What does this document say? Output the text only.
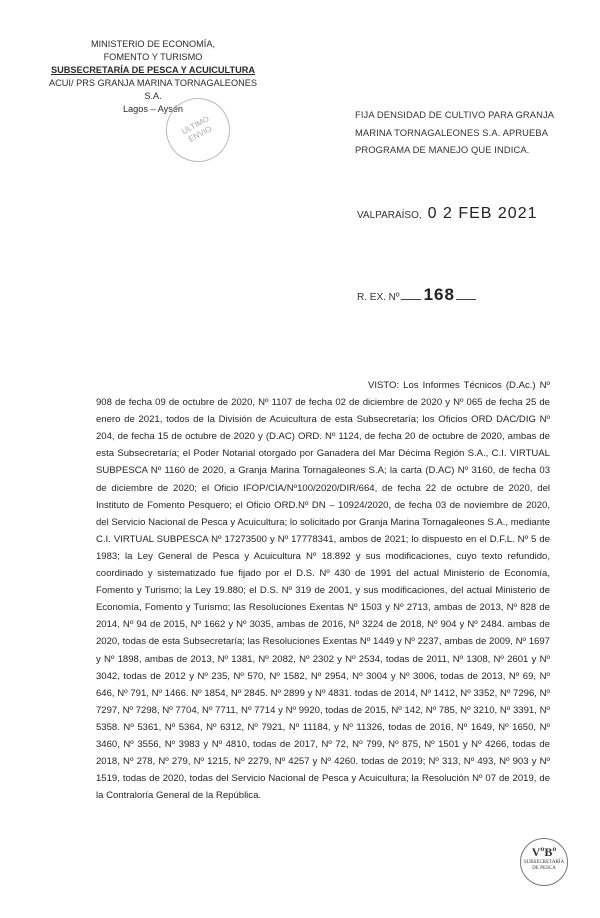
MINISTERIO DE ECONOMÍA,
FOMENTO Y TURISMO
SUBSECRETARÍA DE PESCA Y ACUICULTURA
ACUI/ PRS GRANJA MARINA TORNAGALEONES S.A.
Lagos – Aysén
ULTIMO ENVIO
FIJA DENSIDAD DE CULTIVO PARA GRANJA MARINA TORNAGALEONES S.A. APRUEBA PROGRAMA DE MANEJO QUE INDICA.
VALPARAÍSO, 0 2 FEB 2021
R. EX. Nº 168
VISTO: Los Informes Técnicos (D.Ac.) Nº 908 de fecha 09 de octubre de 2020, Nº 1107 de fecha 02 de diciembre de 2020 y Nº 065 de fecha 25 de enero de 2021, todos de la División de Acuicultura de esta Subsecretaría; los Oficios ORD DAC/DIG Nº 204, de fecha 15 de octubre de 2020 y (D.AC) ORD. Nº 1124, de fecha 20 de octubre de 2020, ambas de esta Subsecretaría; el Poder Notarial otorgado por Ganadera del Mar Décima Región S.A., C.I. VIRTUAL SUBPESCA Nº 1160 de 2020, a Granja Marina Tornagaleones S.A; la carta (D.AC) Nº 3160, de fecha 03 de diciembre de 2020; el Oficio IFOP/CIA/Nº100/2020/DIR/664, de fecha 22 de octubre de 2020, del Instituto de Fomento Pesquero; el Oficio ORD.Nº DN – 10924/2020, de fecha 03 de noviembre de 2020, del Servicio Nacional de Pesca y Acuicultura; lo solicitado por Granja Marina Tornagaleones S.A., mediante C.I. VIRTUAL SUBPESCA Nº 17273500 y Nº 17778341, ambos de 2021; lo dispuesto en el D.F.L. Nº 5 de 1983; la Ley General de Pesca y Acuicultura Nº 18.892 y sus modificaciones, cuyo texto refundido, coordinado y sistematizado fue fijado por el D.S. Nº 430 de 1991 del actual Ministerio de Economía, Fomento y Turismo; la Ley 19.880; el D.S. Nº 319 de 2001, y sus modificaciones, del actual Ministerio de Economía, Fomento y Turismo; las Resoluciones Exentas Nº 1503 y Nº 2713, ambas de 2013, Nº 828 de 2014, Nº 94 de 2015, Nº 1662 y Nº 3035, ambas de 2016, Nº 3224 de 2018, Nº 904 y Nº 2484. ambas de 2020, todas de esta Subsecretaría; las Resoluciones Exentas Nº 1449 y Nº 2237, ambas de 2009, Nº 1697 y Nº 1898, ambas de 2013, Nº 1381, Nº 2082, Nº 2302 y Nº 2534, todas de 2011, Nº 1308, Nº 2601 y Nº 3042, todas de 2012 y Nº 235, Nº 570, Nº 1582, Nº 2954, Nº 3004 y Nº 3006, todas de 2013, Nº 69, Nº 646, Nº 791, Nº 1466. Nº 1854, Nº 2845. Nº 2899 y Nº 4831. todas de 2014, Nº 1412, Nº 3352, Nº 7296, Nº 7297, Nº 7298, Nº 7704, Nº 7711, Nº 7714 y Nº 9920, todas de 2015, Nº 142, Nº 785, Nº 3210, Nº 3391, Nº 5358. Nº 5361, Nº 5364, Nº 6312, Nº 7921, Nº 11184, y Nº 11326, todas de 2016, Nº 1649, Nº 1650, Nº 3460, Nº 3556, Nº 3983 y Nº 4810, todas de 2017, Nº 72, Nº 799, Nº 875, Nº 1501 y Nº 4266, todas de 2018, Nº 278, Nº 279, Nº 1215, Nº 2279, Nº 4257 y Nº 4260. todas de 2019; Nº 313, Nº 493, Nº 903 y Nº 1519, todas de 2020, todas del Servicio Nacional de Pesca y Acuicultura; la Resolución Nº 07 de 2019, de la Contraloría General de la República.
VºBº
SUBSECRETARÍA DE PESCA
